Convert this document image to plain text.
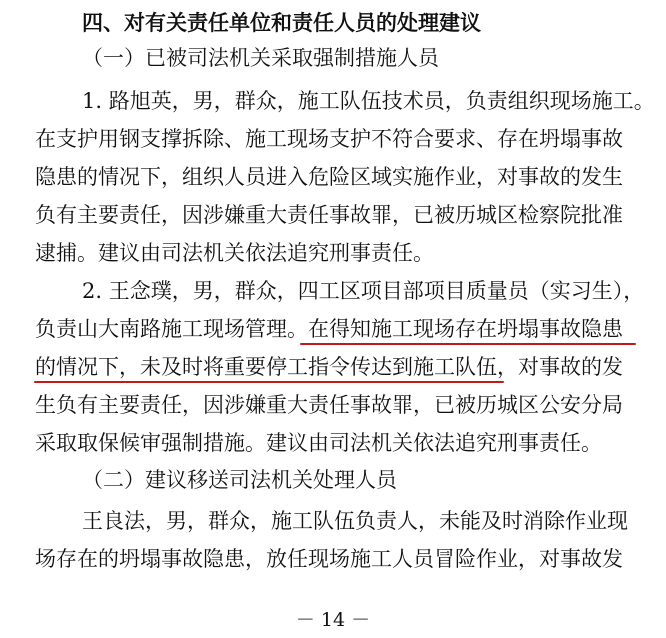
四、对有关责任单位和责任人员的处理建议
（一）已被司法机关采取强制措施人员
1. 路旭英，男，群众，施工队伍技术员，负责组织现场施工。
在支护用钢支撑拆除、施工现场支护不符合要求、存在坍塌事故
隐患的情况下，组织人员进入危险区域实施作业，对事故的发生
负有主要责任，因涉嫌重大责任事故罪，已被历城区检察院批准
逮捕。建议由司法机关依法追究刑事责任。
2. 王念璞，男，群众，四工区项目部项目质量员（实习生），
负责山大南路施工现场管理。在得知施工现场存在坍塌事故隐患
的情况下，未及时将重要停工指令传达到施工队伍，对事故的发
生负有主要责任，因涉嫌重大责任事故罪，已被历城区公安分局
采取取保候审强制措施。建议由司法机关依法追究刑事责任。
（二）建议移送司法机关处理人员
王良法，男，群众，施工队伍负责人，未能及时消除作业现
场存在的坍塌事故隐患，放任现场施工人员冒险作业，对事故发
－ 14 －
